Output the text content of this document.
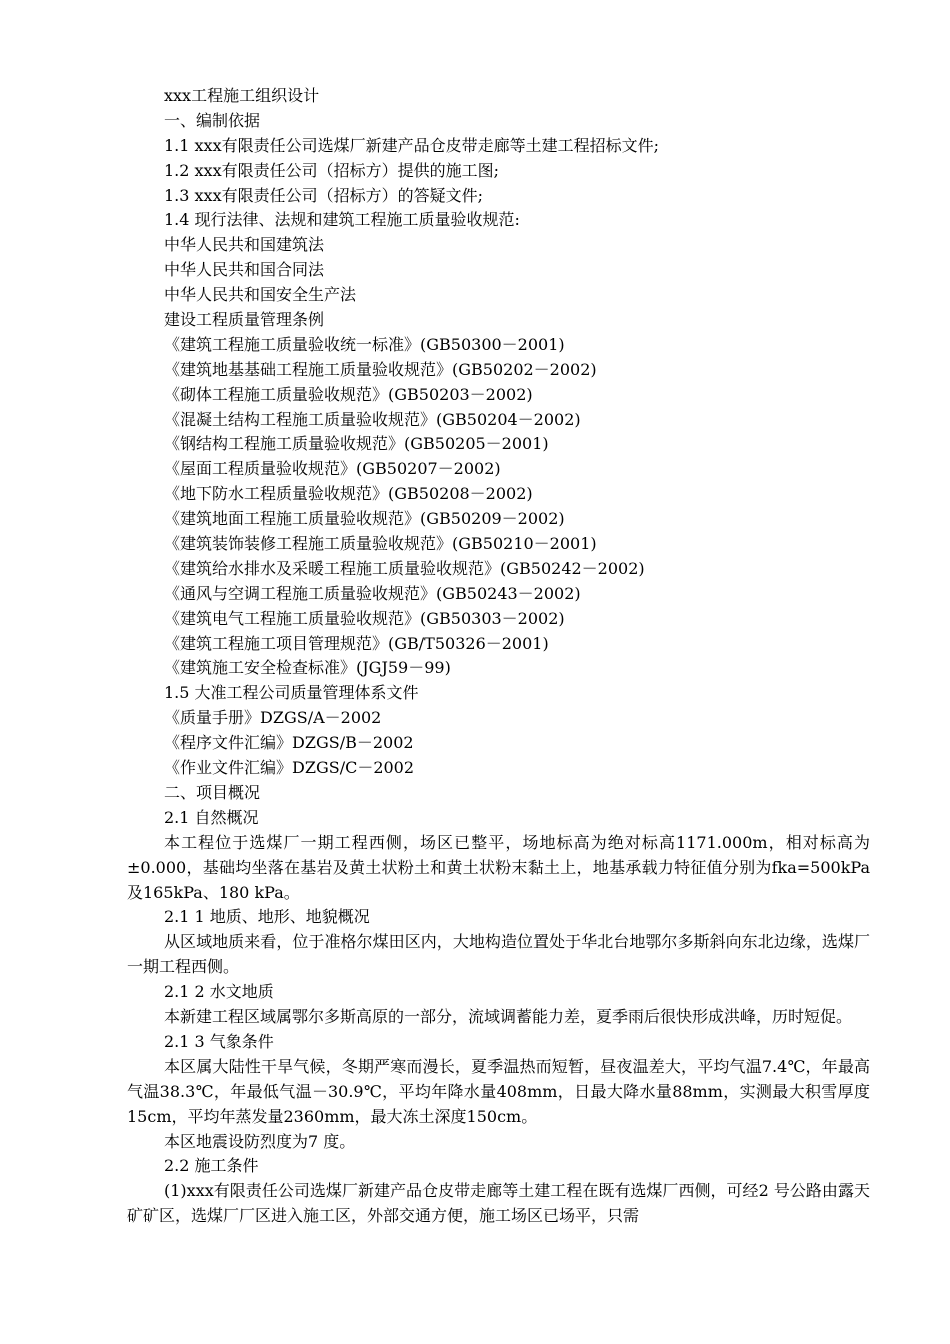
xxx工程施工组织设计
一、编制依据
1.1 xxx有限责任公司选煤厂新建产品仓皮带走廊等土建工程招标文件;
1.2 xxx有限责任公司（招标方）提供的施工图;
1.3 xxx有限责任公司（招标方）的答疑文件;
1.4 现行法律、法规和建筑工程施工质量验收规范:
中华人民共和国建筑法
中华人民共和国合同法
中华人民共和国安全生产法
建设工程质量管理条例
《建筑工程施工质量验收统一标准》(GB50300－2001)
《建筑地基基础工程施工质量验收规范》(GB50202－2002)
《砌体工程施工质量验收规范》(GB50203－2002)
《混凝土结构工程施工质量验收规范》(GB50204－2002)
《钢结构工程施工质量验收规范》(GB50205－2001)
《屋面工程质量验收规范》(GB50207－2002)
《地下防水工程质量验收规范》(GB50208－2002)
《建筑地面工程施工质量验收规范》(GB50209－2002)
《建筑装饰装修工程施工质量验收规范》(GB50210－2001)
《建筑给水排水及采暖工程施工质量验收规范》(GB50242－2002)
《通风与空调工程施工质量验收规范》(GB50243－2002)
《建筑电气工程施工质量验收规范》(GB50303－2002)
《建筑工程施工项目管理规范》(GB/T50326－2001)
《建筑施工安全检查标准》(JGJ59－99)
1.5 大准工程公司质量管理体系文件
《质量手册》DZGS/A－2002
《程序文件汇编》DZGS/B－2002
《作业文件汇编》DZGS/C－2002
二、项目概况
2.1 自然概况
本工程位于选煤厂一期工程西侧，场区已整平，场地标高为绝对标高1171.000m，相对标高为±0.000，基础均坐落在基岩及黄土状粉土和黄土状粉末黏土上，地基承载力特征值分别为fka=500kPa 及165kPa、180 kPa。
2.1 1 地质、地形、地貌概况
从区域地质来看，位于准格尔煤田区内，大地构造位置处于华北台地鄂尔多斯斜向东北边缘，选煤厂一期工程西侧。
2.1 2 水文地质
本新建工程区域属鄂尔多斯高原的一部分，流域调蓄能力差，夏季雨后很快形成洪峰，历时短促。
2.1 3 气象条件
本区属大陆性干旱气候，冬期严寒而漫长，夏季温热而短暂，昼夜温差大，平均气温7.4℃，年最高气温38.3℃，年最低气温－30.9℃，平均年降水量408mm，日最大降水量88mm，实测最大积雪厚度15cm，平均年蒸发量2360mm，最大冻土深度150cm。
本区地震设防烈度为7 度。
2.2 施工条件
(1)xxx有限责任公司选煤厂新建产品仓皮带走廊等土建工程在既有选煤厂西侧，可经2 号公路由露天矿矿区，选煤厂厂区进入施工区，外部交通方便，施工场区已场平，只需
